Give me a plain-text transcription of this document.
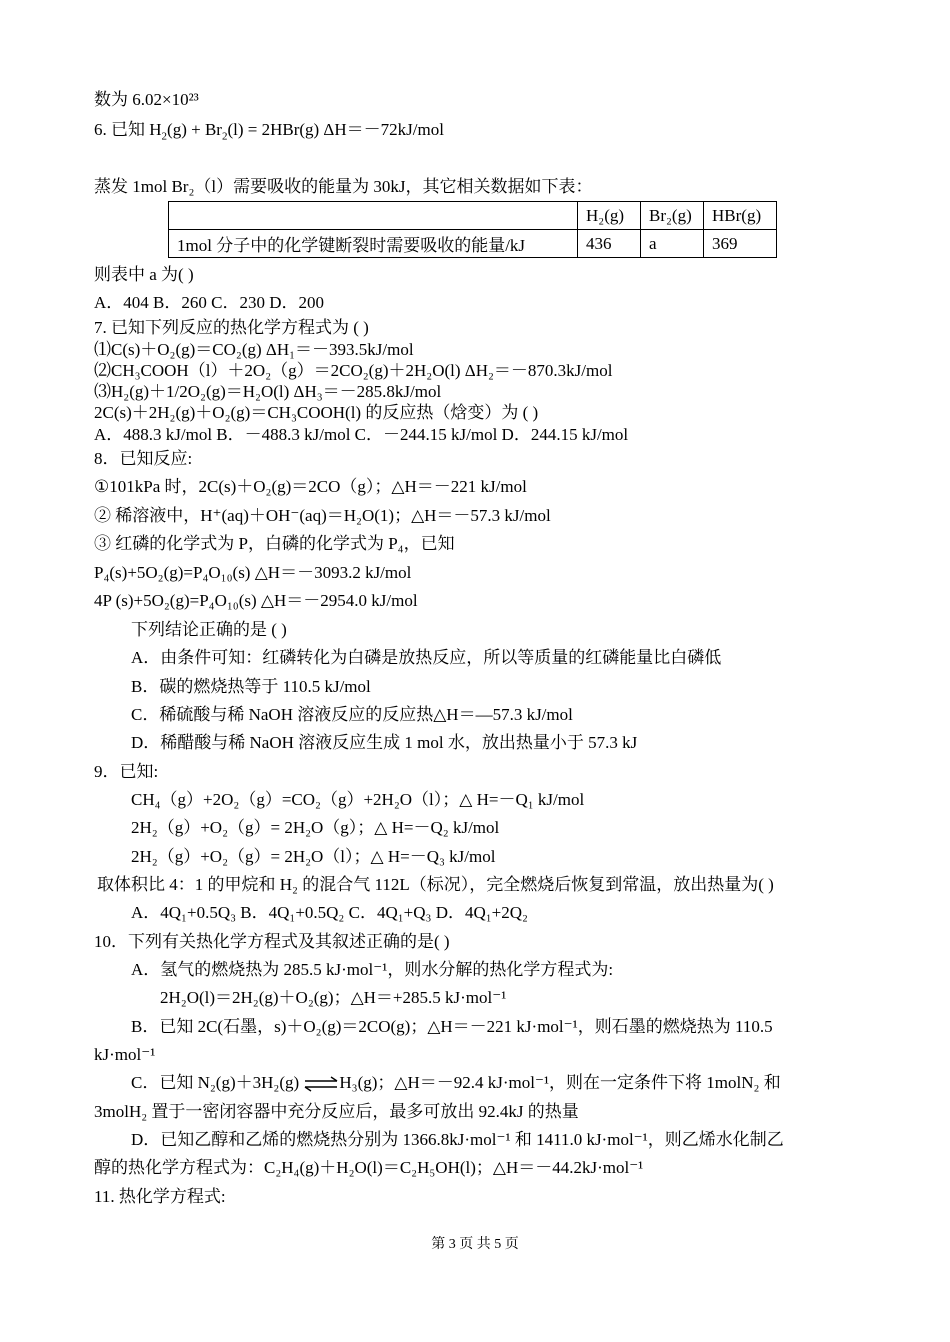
数为 6.02×10²³
6. 已知 $H_2(g) + Br_2(l) = 2HBr(g)$ ΔH＝－72kJ/mol
蒸发 1mol Br₂（l）需要吸收的能量为 30kJ，其它相关数据如下表：
	H₂(g)	Br₂(g)	HBr(g)
1mol 分子中的化学键断裂时需要吸收的能量/kJ	436	a	369
则表中 a 为( )
A．404 B．260 C．230 D．200
7. 已知下列反应的热化学方程式为 ( )
⑴C(s)＋O₂(g)＝CO₂(g) ΔH₁＝－393.5kJ/mol
⑵CH₃COOH（l）＋2O₂（g）＝2CO₂(g)＋2H₂O(l) ΔH₂＝－870.3kJ/mol
⑶H₂(g)＋1/2O₂(g)＝H₂O(l) ΔH₃＝－285.8kJ/mol
2C(s)＋2H₂(g)＋O₂(g)＝CH₃COOH(l) 的反应热（焓变）为 ( )
A．488.3 kJ/mol B．－488.3 kJ/mol C．－244.15 kJ/mol D．244.15 kJ/mol
8．已知反应:
①101kPa 时，2C(s)＋O₂(g)＝2CO（g）；△H＝－221 kJ/mol
② 稀溶液中，H⁺(aq)＋OH⁻(aq)＝H₂O(1)；△H＝－57.3 kJ/mol
③ 红磷的化学式为 P，白磷的化学式为 P₄，已知
P₄(s)+5O₂(g)=P₄O₁₀(s) △H＝－3093.2 kJ/mol
4P (s)+5O₂(g)=P₄O₁₀(s) △H＝－2954.0 kJ/mol
下列结论正确的是 ( )
A．由条件可知：红磷转化为白磷是放热反应，所以等质量的红磷能量比白磷低
B．碳的燃烧热等于 110.5 kJ/mol
C．稀硫酸与稀 NaOH 溶液反应的反应热△H＝—57.3 kJ/mol
D．稀醋酸与稀 NaOH 溶液反应生成 1 mol 水，放出热量小于 57.3 kJ
9．已知:
CH₄（g）+2O₂（g）=CO₂（g）+2H₂O（l）；△ H=－Q₁ kJ/mol
2H₂（g）+O₂（g）= 2H₂O（g）；△ H=－Q₂ kJ/mol
2H₂（g）+O₂（g）= 2H₂O（l）；△ H=－Q₃ kJ/mol
取体积比 4：1 的甲烷和 H₂ 的混合气 112L（标况），完全燃烧后恢复到常温，放出热量为( )
A．4Q₁+0.5Q₃ B．4Q₁+0.5Q₂ C．4Q₁+Q₃ D．4Q₁+2Q₂
10．下列有关热化学方程式及其叙述正确的是( )
A．氢气的燃烧热为 285.5 kJ·mol⁻¹，则水分解的热化学方程式为:
2H₂O(l)＝2H₂(g)＋O₂(g)；△H＝+285.5 kJ·mol⁻¹
B．已知 2C(石墨，s)＋O₂(g)＝2CO(g)；△H＝－221 kJ·mol⁻¹，则石墨的燃烧热为 110.5
kJ·mol⁻¹
C．已知 N₂(g)＋3H₂(g) ⇌H₃(g)；△H＝－92.4 kJ·mol⁻¹，则在一定条件下将 1molN₂ 和
3molH₂ 置于一密闭容器中充分反应后，最多可放出 92.4kJ 的热量
D．已知乙醇和乙烯的燃烧热分别为 1366.8kJ·mol⁻¹ 和 1411.0 kJ·mol⁻¹，则乙烯水化制乙
醇的热化学方程式为：C₂H₄(g)＋H₂O(l)＝C₂H₅OH(l)；△H＝－44.2kJ·mol⁻¹
11. 热化学方程式:
第 3 页 共 5 页
